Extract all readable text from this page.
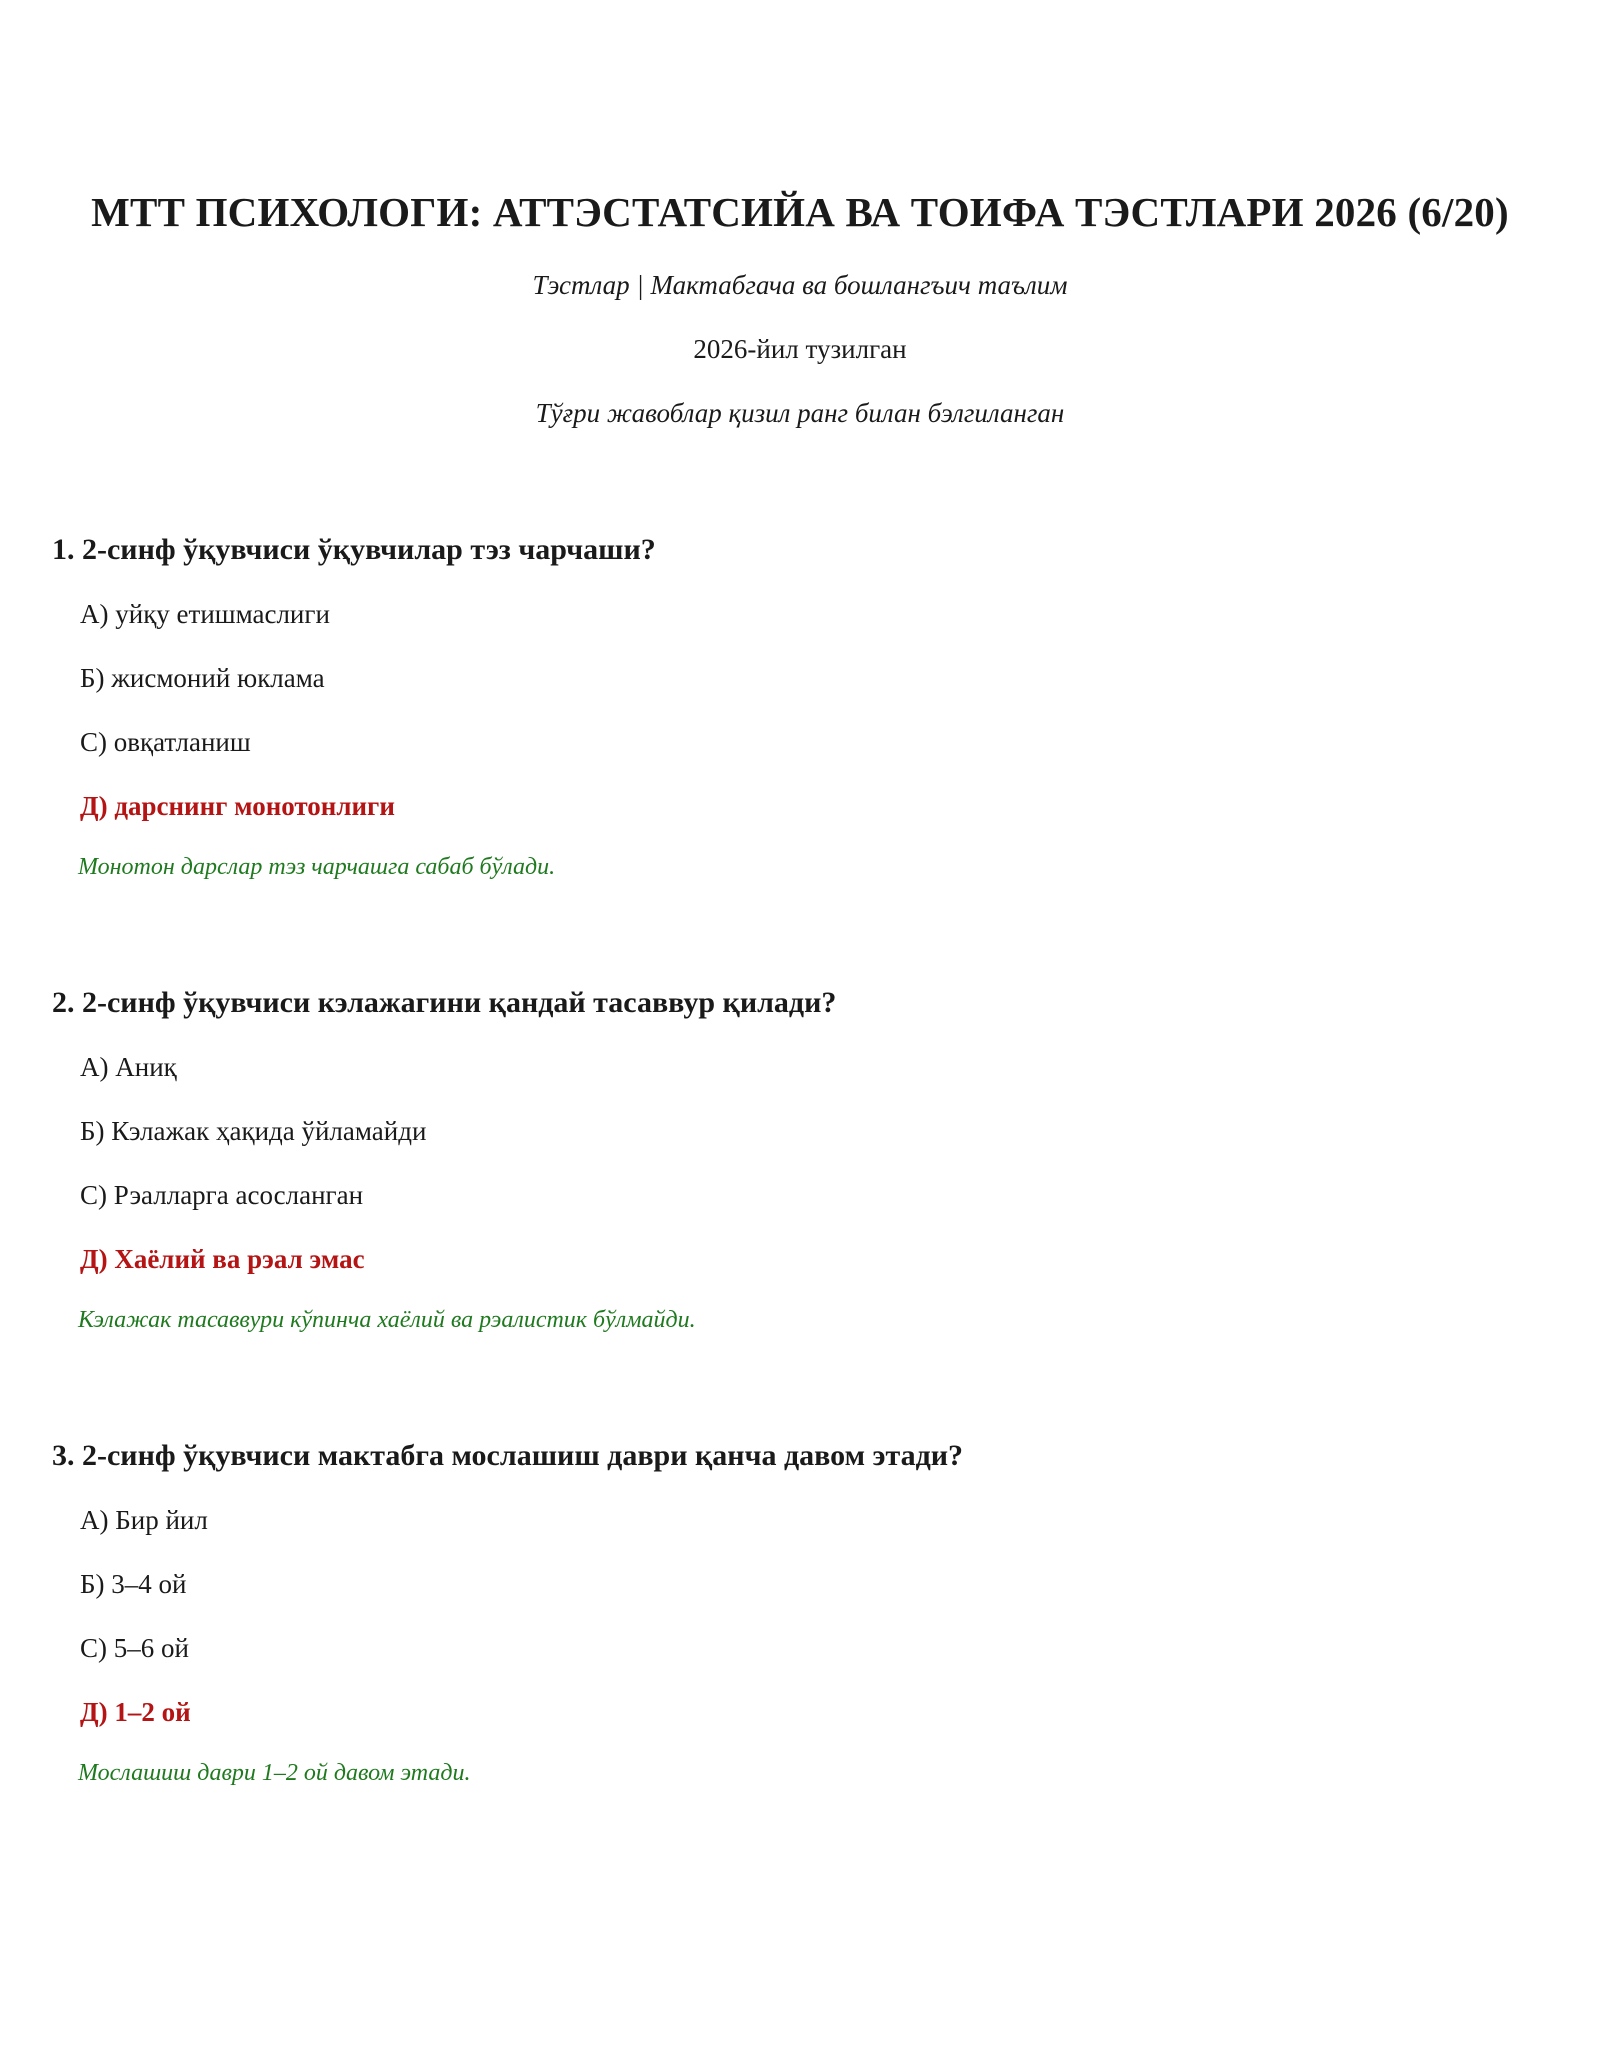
МТТ ПСИХОЛОГИ: АТТЭСТАТСИЙА ВА ТОИФА ТЭСТЛАРИ 2026 (6/20)
Тэстлар | Мактабгача ва бошлангъич таълим
2026-йил тузилган
Тўғри жавоблар қизил ранг билан бэлгиланган

1. 2-синф ўқувчиси ўқувчилар тэз чарчаши?

А) уйқу етишмаслиги
Б) жисмоний юклама
С) овқатланиш
Д) дарснинг монотонлиги
Монотон дарслар тэз чарчашга сабаб бўлади.

2. 2-синф ўқувчиси кэлажагини қандай тасаввур қилади?

А) Аниқ
Б) Кэлажак ҳақида ўйламайди
С) Рэалларга асосланган
Д) Хаёлий ва рэал эмас
Кэлажак тасаввури кўпинча хаёлий ва рэалистик бўлмайди.

3. 2-синф ўқувчиси мактабга мослашиш даври қанча давом этади?

А) Бир йил
Б) 3–4 ой
С) 5–6 ой
Д) 1–2 ой
Мослашиш даври 1–2 ой давом этади.
